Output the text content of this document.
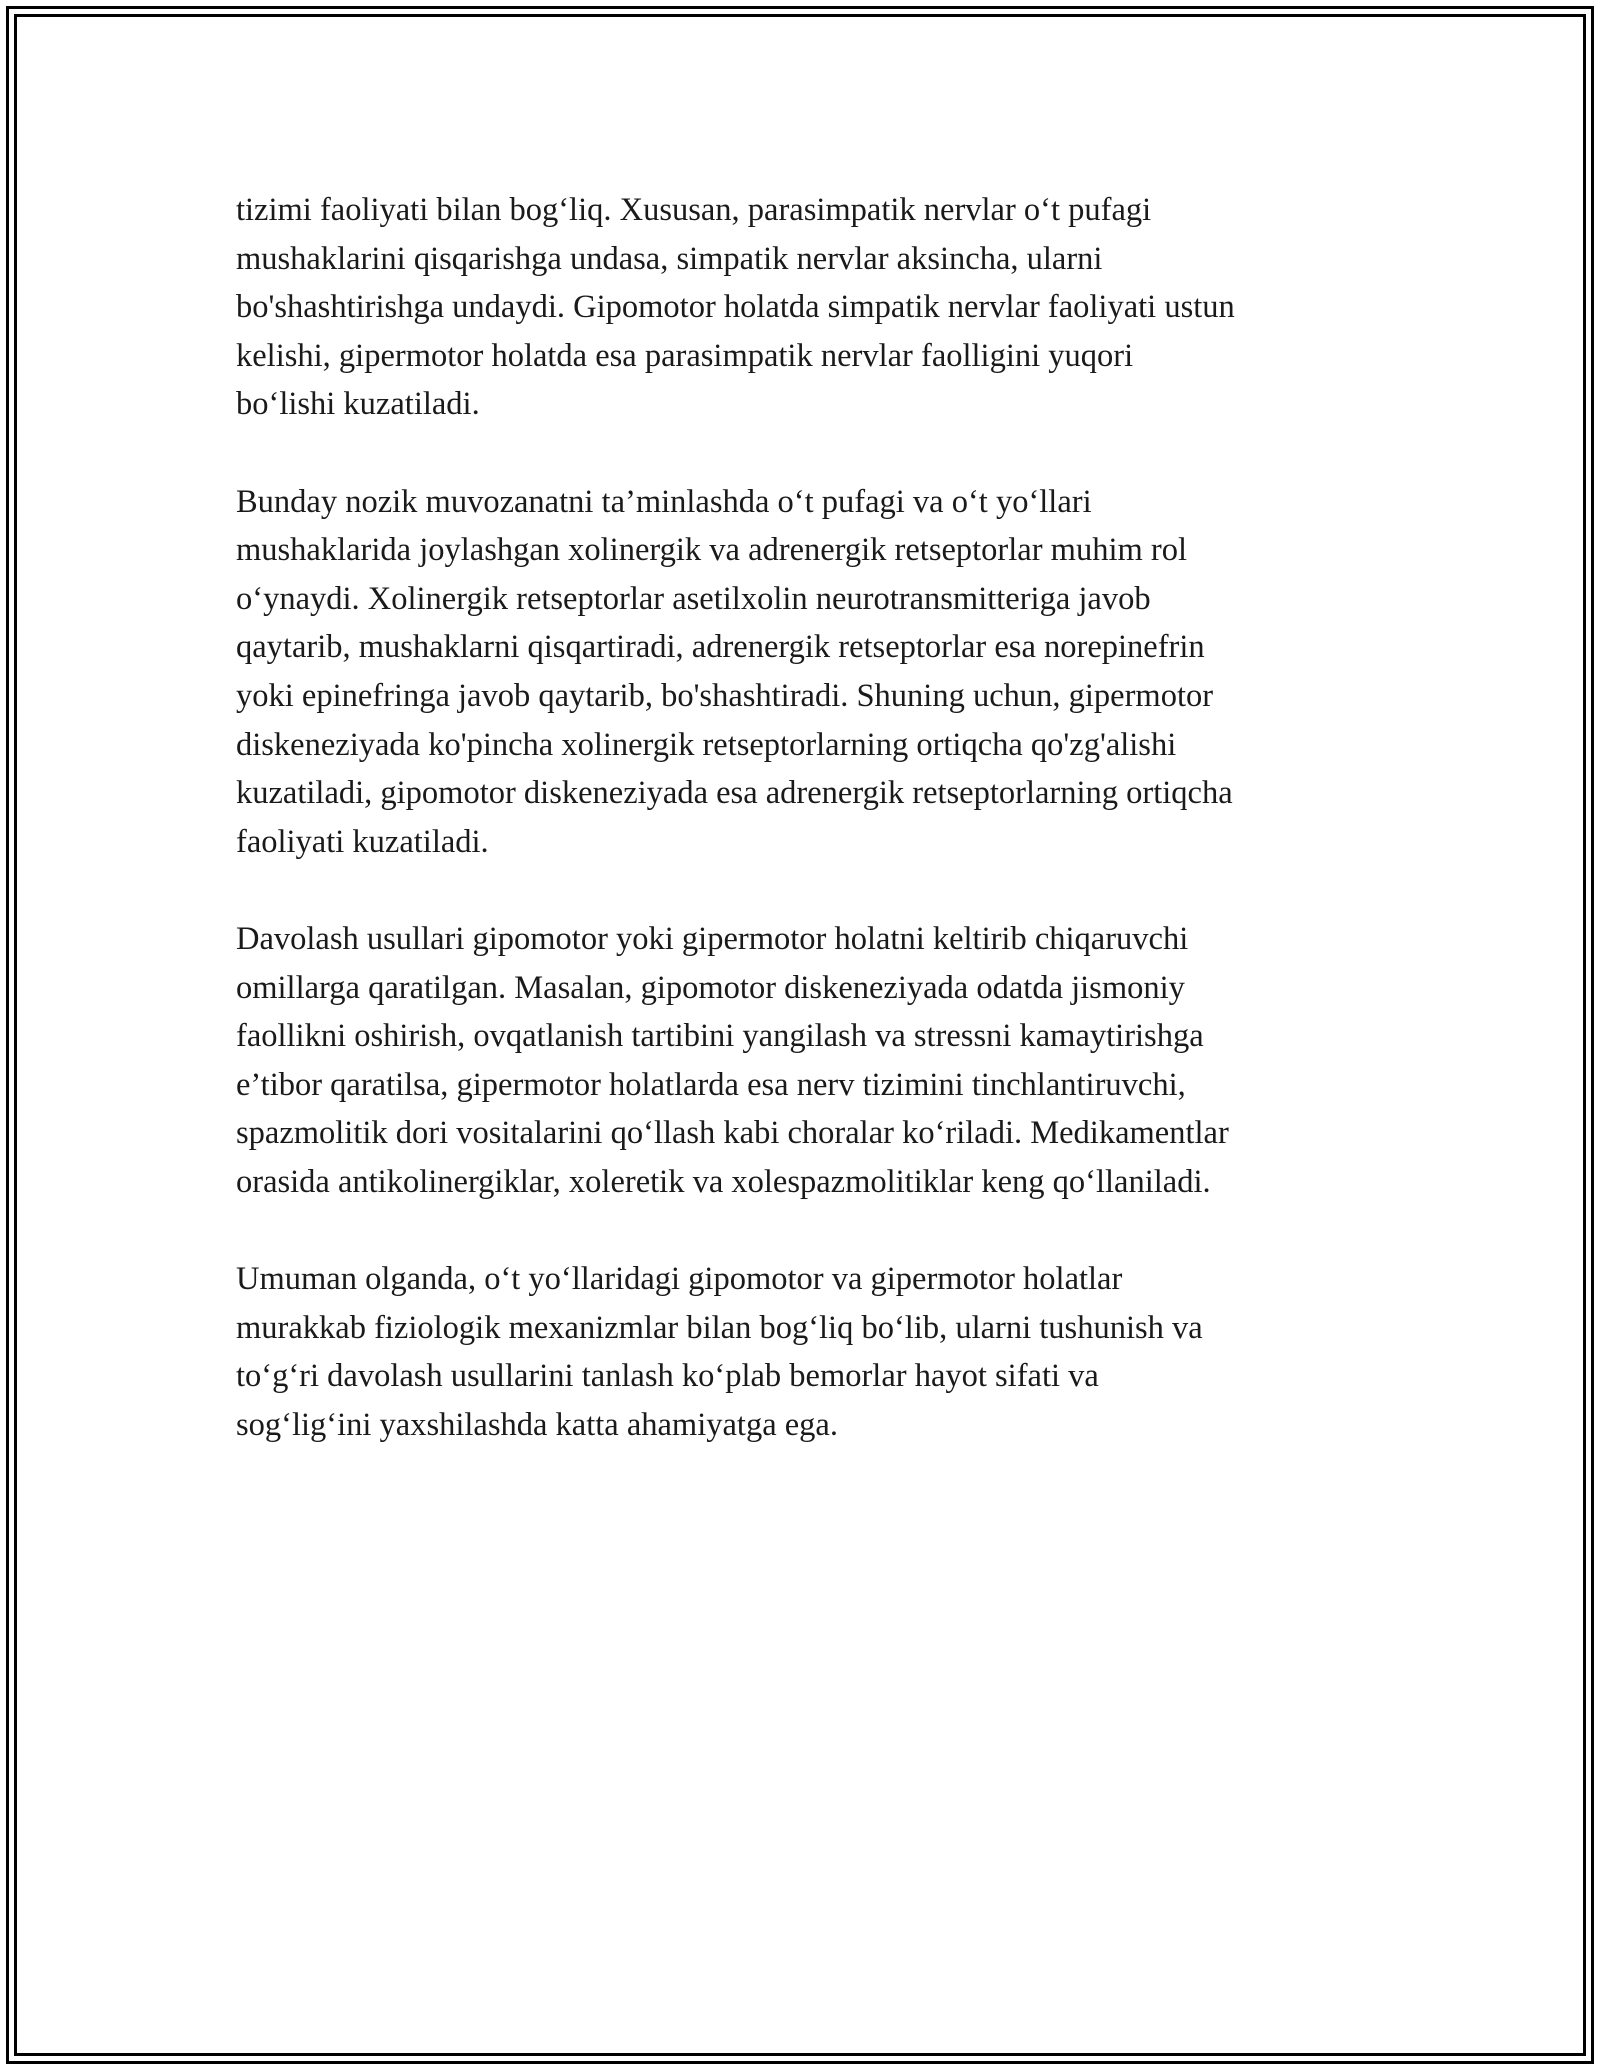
tizimi faoliyati bilan bog‘liq. Xususan, parasimpatik nervlar o‘t pufagi
mushaklarini qisqarishga undasa, simpatik nervlar aksincha, ularni
bo'shashtirishga undaydi. Gipomotor holatda simpatik nervlar faoliyati ustun
kelishi, gipermotor holatda esa parasimpatik nervlar faolligini yuqori
bo‘lishi kuzatiladi.

Bunday nozik muvozanatni ta’minlashda o‘t pufagi va o‘t yo‘llari
mushaklarida joylashgan xolinergik va adrenergik retseptorlar muhim rol
o‘ynaydi. Xolinergik retseptorlar asetilxolin neurotransmitteriga javob
qaytarib, mushaklarni qisqartiradi, adrenergik retseptorlar esa norepinefrin
yoki epinefringa javob qaytarib, bo'shashtiradi. Shuning uchun, gipermotor
diskeneziyada ko'pincha xolinergik retseptorlarning ortiqcha qo'zg'alishi
kuzatiladi, gipomotor diskeneziyada esa adrenergik retseptorlarning ortiqcha
faoliyati kuzatiladi.

Davolash usullari gipomotor yoki gipermotor holatni keltirib chiqaruvchi
omillarga qaratilgan. Masalan, gipomotor diskeneziyada odatda jismoniy
faollikni oshirish, ovqatlanish tartibini yangilash va stressni kamaytirishga
e’tibor qaratilsa, gipermotor holatlarda esa nerv tizimini tinchlantiruvchi,
spazmolitik dori vositalarini qo‘llash kabi choralar ko‘riladi. Medikamentlar
orasida antikolinergiklar, xoleretik va xolespazmolitiklar keng qo‘llaniladi.

Umuman olganda, o‘t yo‘llaridagi gipomotor va gipermotor holatlar
murakkab fiziologik mexanizmlar bilan bog‘liq bo‘lib, ularni tushunish va
to‘g‘ri davolash usullarini tanlash ko‘plab bemorlar hayot sifati va
sog‘lig‘ini yaxshilashda katta ahamiyatga ega.
